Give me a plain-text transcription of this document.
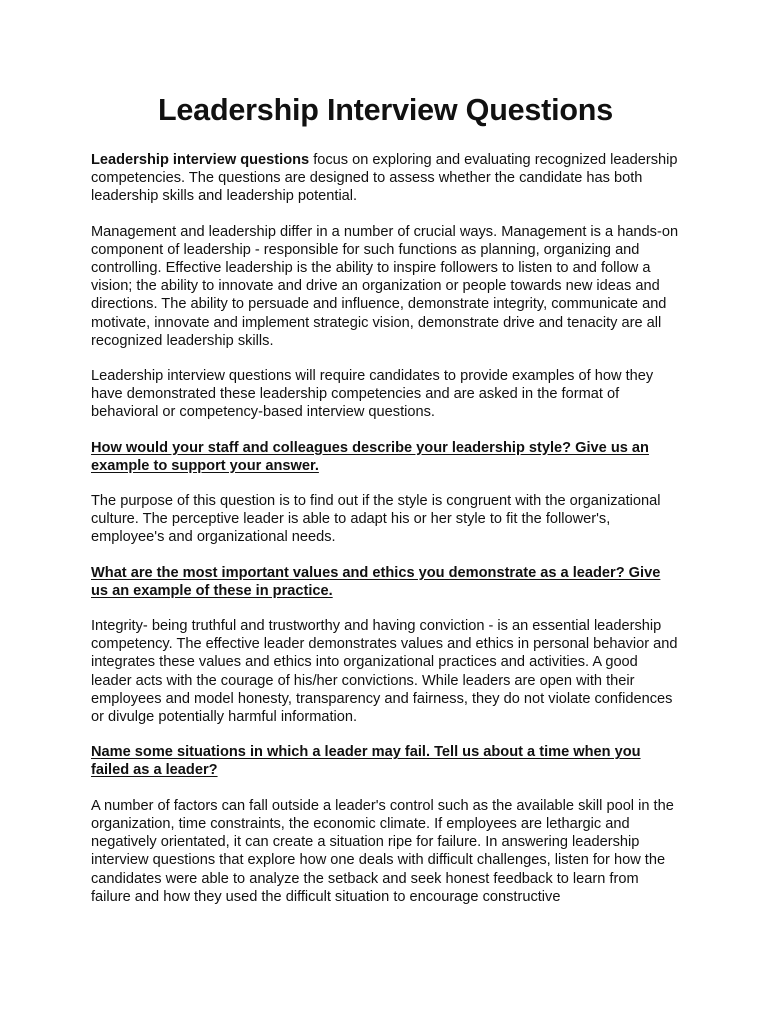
Leadership Interview Questions

Leadership interview questions focus on exploring and evaluating recognized leadership competencies. The questions are designed to assess whether the candidate has both leadership skills and leadership potential.

Management and leadership differ in a number of crucial ways. Management is a hands-on component of leadership - responsible for such functions as planning, organizing and controlling. Effective leadership is the ability to inspire followers to listen to and follow a vision; the ability to innovate and drive an organization or people towards new ideas and directions. The ability to persuade and influence, demonstrate integrity, communicate and motivate, innovate and implement strategic vision, demonstrate drive and tenacity are all recognized leadership skills.

Leadership interview questions will require candidates to provide examples of how they have demonstrated these leadership competencies and are asked in the format of behavioral or competency-based interview questions.

How would your staff and colleagues describe your leadership style? Give us an example to support your answer.

The purpose of this question is to find out if the style is congruent with the organizational culture. The perceptive leader is able to adapt his or her style to fit the follower's, employee's and organizational needs.

What are the most important values and ethics you demonstrate as a leader? Give us an example of these in practice.

Integrity- being truthful and trustworthy and having conviction - is an essential leadership competency. The effective leader demonstrates values and ethics in personal behavior and integrates these values and ethics into organizational practices and activities. A good leader acts with the courage of his/her convictions. While leaders are open with their employees and model honesty, transparency and fairness, they do not violate confidences or divulge potentially harmful information.

Name some situations in which a leader may fail. Tell us about a time when you failed as a leader?

A number of factors can fall outside a leader's control such as the available skill pool in the organization, time constraints, the economic climate. If employees are lethargic and negatively orientated, it can create a situation ripe for failure. In answering leadership interview questions that explore how one deals with difficult challenges, listen for how the candidates were able to analyze the setback and seek honest feedback to learn from failure and how they used the difficult situation to encourage constructive
